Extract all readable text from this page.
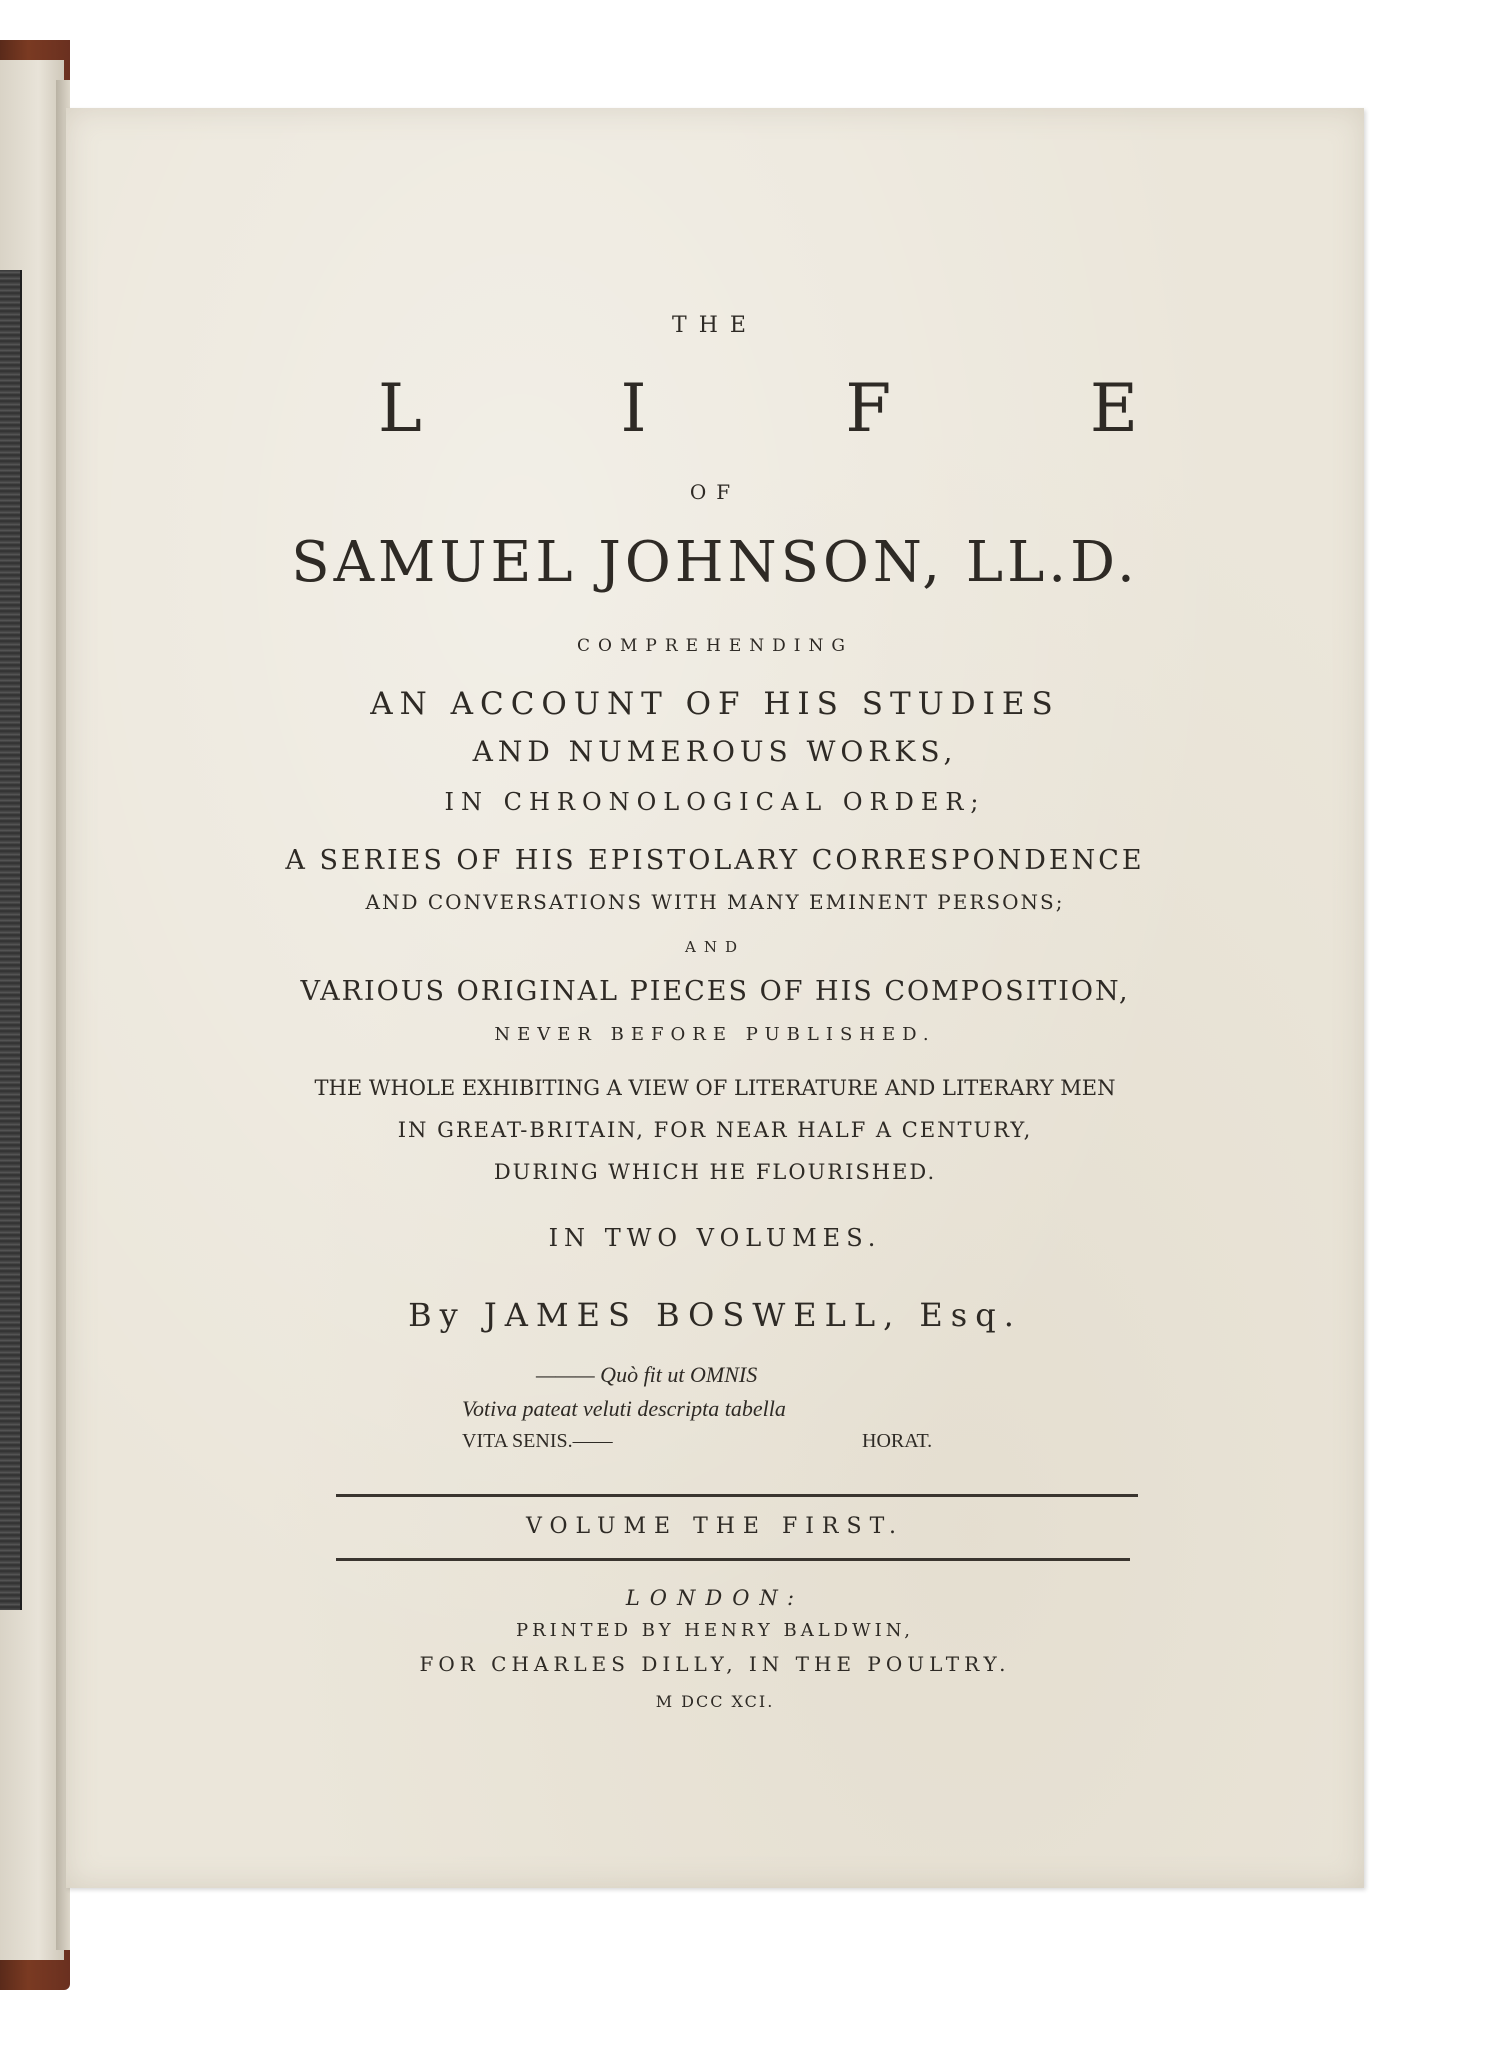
THE
L	I	F	E
OF
SAMUEL JOHNSON, LL.D.
COMPREHENDING
AN ACCOUNT OF HIS STUDIES
AND NUMEROUS WORKS,
IN CHRONOLOGICAL ORDER;
A SERIES OF HIS EPISTOLARY CORRESPONDENCE
AND CONVERSATIONS WITH MANY EMINENT PERSONS;
AND
VARIOUS ORIGINAL PIECES OF HIS COMPOSITION,
NEVER BEFORE PUBLISHED.
THE WHOLE EXHIBITING A VIEW OF LITERATURE AND LITERARY MEN
IN GREAT-BRITAIN, FOR NEAR HALF A CENTURY,
DURING WHICH HE FLOURISHED.
IN TWO VOLUMES.
By JAMES BOSWELL, Esq.
——— Quò fit ut OMNIS
Votiva pateat veluti descripta tabella
VITA SENIS.——	HORAT.
VOLUME THE FIRST.
LONDON:
PRINTED BY HENRY BALDWIN,
FOR CHARLES DILLY, IN THE POULTRY.
M DCC XCI.
